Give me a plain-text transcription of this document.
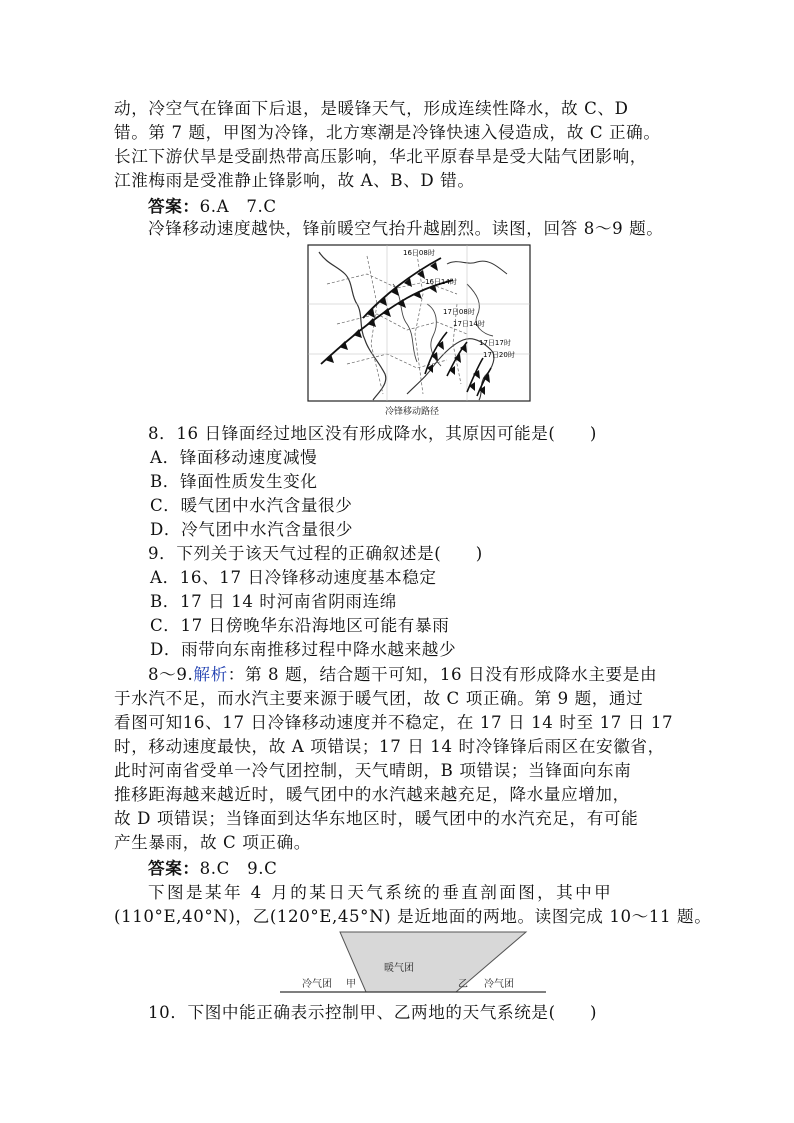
动，冷空气在锋面下后退，是暖锋天气，形成连续性降水，故 C、D
错。第 7 题，甲图为冷锋，北方寒潮是冷锋快速入侵造成，故 C 正确。
长江下游伏旱是受副热带高压影响，华北平原春旱是受大陆气团影响，
江淮梅雨是受准静止锋影响，故 A、B、D 错。
答案：6.A　7.C
冷锋移动速度越快，锋前暖空气抬升越剧烈。读图，回答 8～9 题。
16日08时
16日14时
17日08时
17日14时
17日17时
17日20时
冷锋移动路径
8．16 日锋面经过地区没有形成降水，其原因可能是(　　)
A．锋面移动速度减慢
B．锋面性质发生变化
C．暖气团中水汽含量很少
D．冷气团中水汽含量很少
9．下列关于该天气过程的正确叙述是(　　)
A．16、17 日冷锋移动速度基本稳定
B．17 日 14 时河南省阴雨连绵
C．17 日傍晚华东沿海地区可能有暴雨
D．雨带向东南推移过程中降水越来越少
8～9.解析：第 8 题，结合题干可知，16 日没有形成降水主要是由
于水汽不足，而水汽主要来源于暖气团，故 C 项正确。第 9 题，通过
看图可知16、17 日冷锋移动速度并不稳定，在 17 日 14 时至 17 日 17
时，移动速度最快，故 A 项错误；17 日 14 时冷锋锋后雨区在安徽省，
此时河南省受单一冷气团控制，天气晴朗，B 项错误；当锋面向东南
推移距海越来越近时，暖气团中的水汽越来越充足，降水量应增加，
故 D 项错误；当锋面到达华东地区时，暖气团中的水汽充足，有可能
产生暴雨，故 C 项正确。
答案：8.C　9.C
下图是某年 4 月的某日天气系统的垂直剖面图，其中甲
(110°E,40°N)，乙(120°E,45°N) 是近地面的两地。读图完成 10～11 题。
暖气团
冷气团 甲	乙 冷气团
10．下图中能正确表示控制甲、乙两地的天气系统是(　　)
